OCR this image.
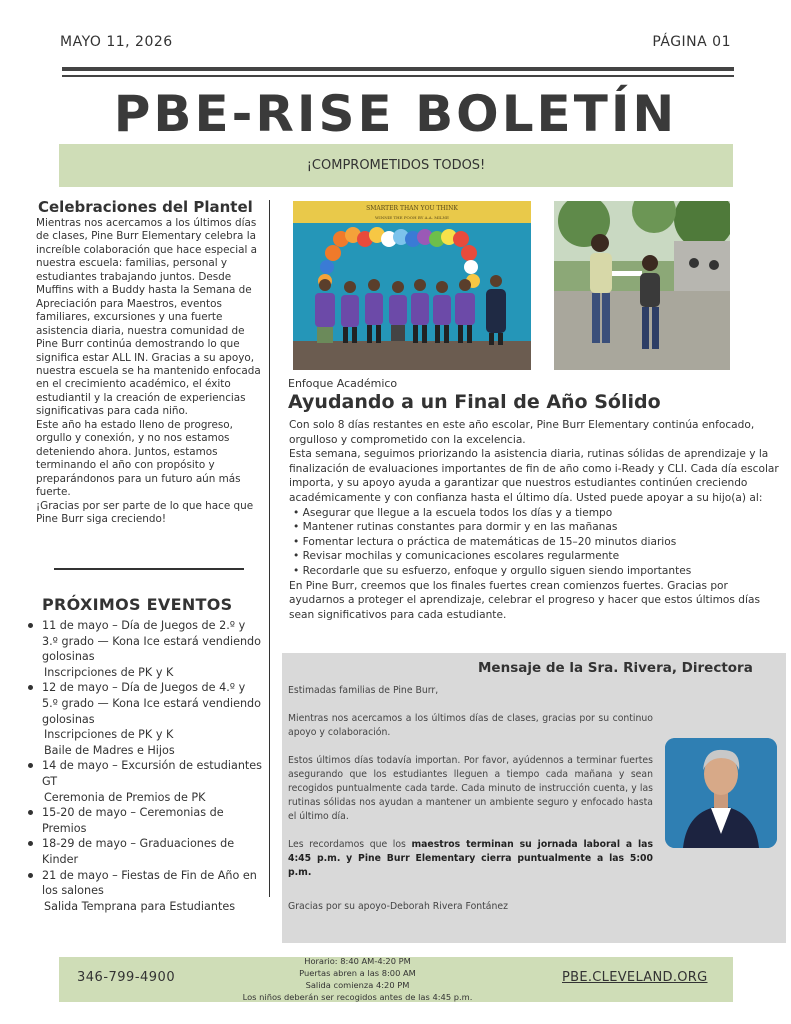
MAYO 11, 2026	PÁGINA 01
PBE-RISE BOLETÍN
¡COMPROMETIDOS TODOS!
Celebraciones del Plantel

Mientras nos acercamos a los últimos días de clases, Pine Burr Elementary celebra la increíble colaboración que hace especial a nuestra escuela: familias, personal y estudiantes trabajando juntos. Desde Muffins with a Buddy hasta la Semana de Apreciación para Maestros, eventos familiares, excursiones y una fuerte asistencia diaria, nuestra comunidad de Pine Burr continúa demostrando lo que significa estar ALL IN. Gracias a su apoyo, nuestra escuela se ha mantenido enfocada en el crecimiento académico, el éxito estudiantil y la creación de experiencias significativas para cada niño.

Este año ha estado lleno de progreso, orgullo y conexión, y no nos estamos deteniendo ahora. Juntos, estamos terminando el año con propósito y preparándonos para un futuro aún más fuerte.

¡Gracias por ser parte de lo que hace que Pine Burr siga creciendo!

PRÓXIMOS EVENTOS
11 de mayo – Día de Juegos de 2.º y 3.º grado — Kona Ice estará vendiendo golosinas
Inscripciones de PK y K
12 de mayo – Día de Juegos de 4.º y 5.º grado — Kona Ice estará vendiendo golosinas
Inscripciones de PK y K
Baile de Madres e Hijos
14 de mayo – Excursión de estudiantes GT
Ceremonia de Premios de PK
15-20 de mayo – Ceremonias de Premios
18-29 de mayo – Graduaciones de Kinder
21 de mayo – Fiestas de Fin de Año en los salones
Salida Temprana para Estudiantes
SMARTER THAN YOU THINK
WINNIE THE POOH BY A.A. MILNE
Enfoque Académico
Ayudando a un Final de Año Sólido

Con solo 8 días restantes en este año escolar, Pine Burr Elementary continúa enfocado, orgulloso y comprometido con la excelencia.

Esta semana, seguimos priorizando la asistencia diaria, rutinas sólidas de aprendizaje y la finalización de evaluaciones importantes de fin de año como i-Ready y CLI. Cada día escolar importa, y su apoyo ayuda a garantizar que nuestros estudiantes continúen creciendo académicamente y con confianza hasta el último día. Usted puede apoyar a su hijo(a) al:

• Asegurar que llegue a la escuela todos los días y a tiempo
• Mantener rutinas constantes para dormir y en las mañanas
• Fomentar lectura o práctica de matemáticas de 15–20 minutos diarios
• Revisar mochilas y comunicaciones escolares regularmente
• Recordarle que su esfuerzo, enfoque y orgullo siguen siendo importantes

En Pine Burr, creemos que los finales fuertes crean comienzos fuertes. Gracias por ayudarnos a proteger el aprendizaje, celebrar el progreso y hacer que estos últimos días sean significativos para cada estudiante.

Mensaje de la Sra. Rivera, Directora

Estimadas familias de Pine Burr,

Mientras nos acercamos a los últimos días de clases, gracias por su continuo apoyo y colaboración.

Estos últimos días todavía importan. Por favor, ayúdennos a terminar fuertes asegurando que los estudiantes lleguen a tiempo cada mañana y sean recogidos puntualmente cada tarde. Cada minuto de instrucción cuenta, y las rutinas sólidas nos ayudan a mantener un ambiente seguro y enfocado hasta el último día.

Les recordamos que los maestros terminan su jornada laboral a las 4:45 p.m. y Pine Burr Elementary cierra puntualmente a las 5:00 p.m.

Gracias por su apoyo-Deborah Rivera Fontánez

346-799-4900
Horario: 8:40 AM-4:20 PM
Puertas abren a las 8:00 AM
Salida comienza 4:20 PM
Los niños deberán ser recogidos antes de las 4:45 p.m.
PBE.CLEVELAND.ORG
